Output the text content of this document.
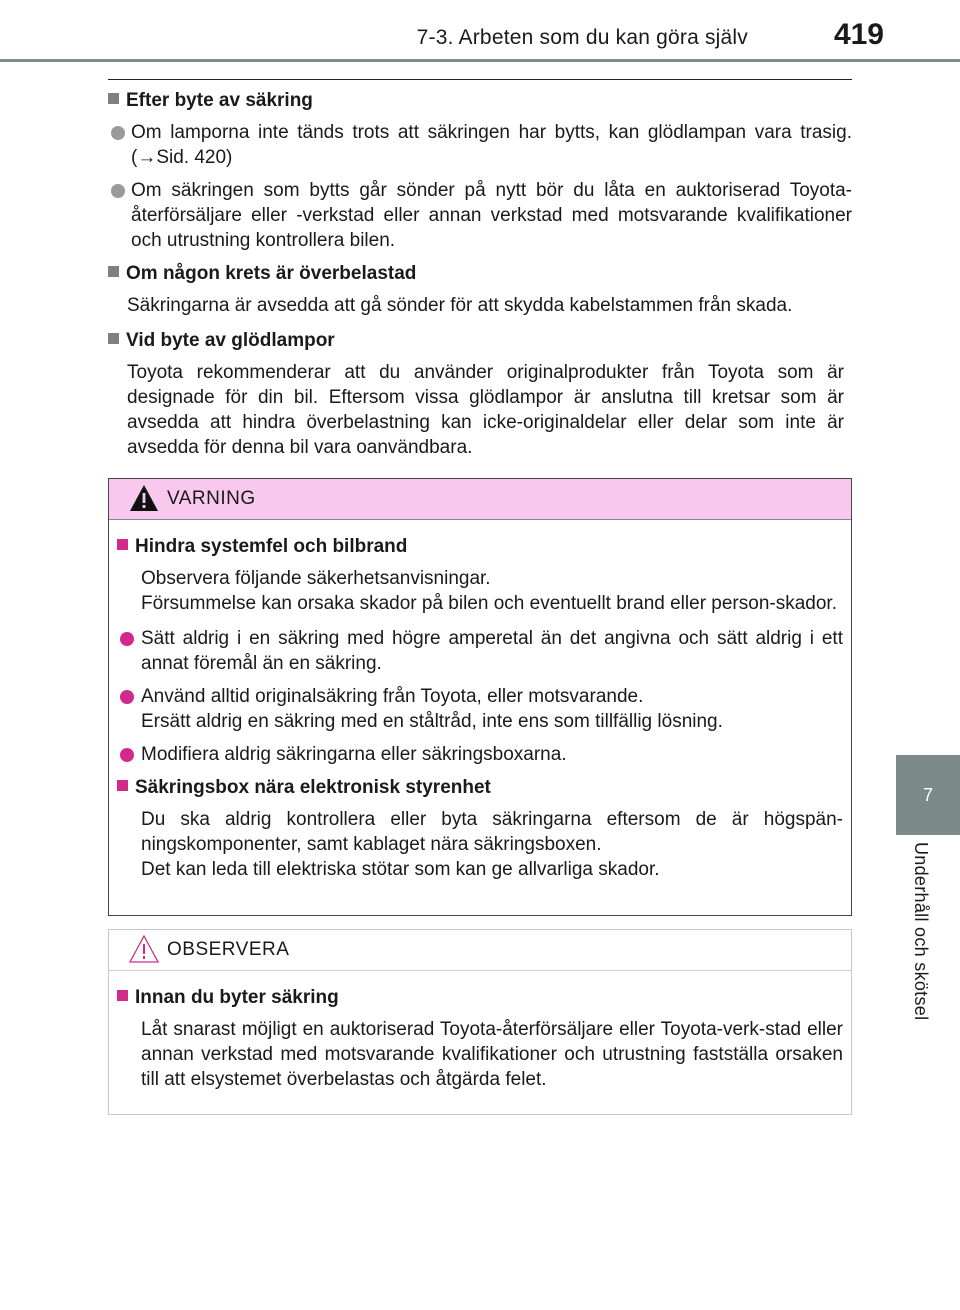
7-3. Arbeten som du kan göra själv	419
7
Underhåll och skötsel
Efter byte av säkring
Om lamporna inte tänds trots att säkringen har bytts, kan glödlampan vara trasig. (→Sid. 420)
Om säkringen som bytts går sönder på nytt bör du låta en auktoriserad Toyota-återförsäljare eller -verkstad eller annan verkstad med motsvarande kvalifikationer och utrustning kontrollera bilen.
Om någon krets är överbelastad
Säkringarna är avsedda att gå sönder för att skydda kabelstammen från skada.
Vid byte av glödlampor
Toyota rekommenderar att du använder originalprodukter från Toyota som är designade för din bil. Eftersom vissa glödlampor är anslutna till kretsar som är avsedda att hindra överbelastning kan icke-originaldelar eller delar som inte är avsedda för denna bil vara oanvändbara.
VARNING
Hindra systemfel och bilbrand
Observera följande säkerhetsanvisningar.
Försummelse kan orsaka skador på bilen och eventuellt brand eller person-skador.
Sätt aldrig i en säkring med högre amperetal än det angivna och sätt aldrig i ett annat föremål än en säkring.
Använd alltid originalsäkring från Toyota, eller motsvarande.
Ersätt aldrig en säkring med en ståltråd, inte ens som tillfällig lösning.
Modifiera aldrig säkringarna eller säkringsboxarna.
Säkringsbox nära elektronisk styrenhet
Du ska aldrig kontrollera eller byta säkringarna eftersom de är högspän-ningskomponenter, samt kablaget nära säkringsboxen.
Det kan leda till elektriska stötar som kan ge allvarliga skador.
OBSERVERA
Innan du byter säkring
Låt snarast möjligt en auktoriserad Toyota-återförsäljare eller Toyota-verk-stad eller annan verkstad med motsvarande kvalifikationer och utrustning fastställa orsaken till att elsystemet överbelastas och åtgärda felet.
